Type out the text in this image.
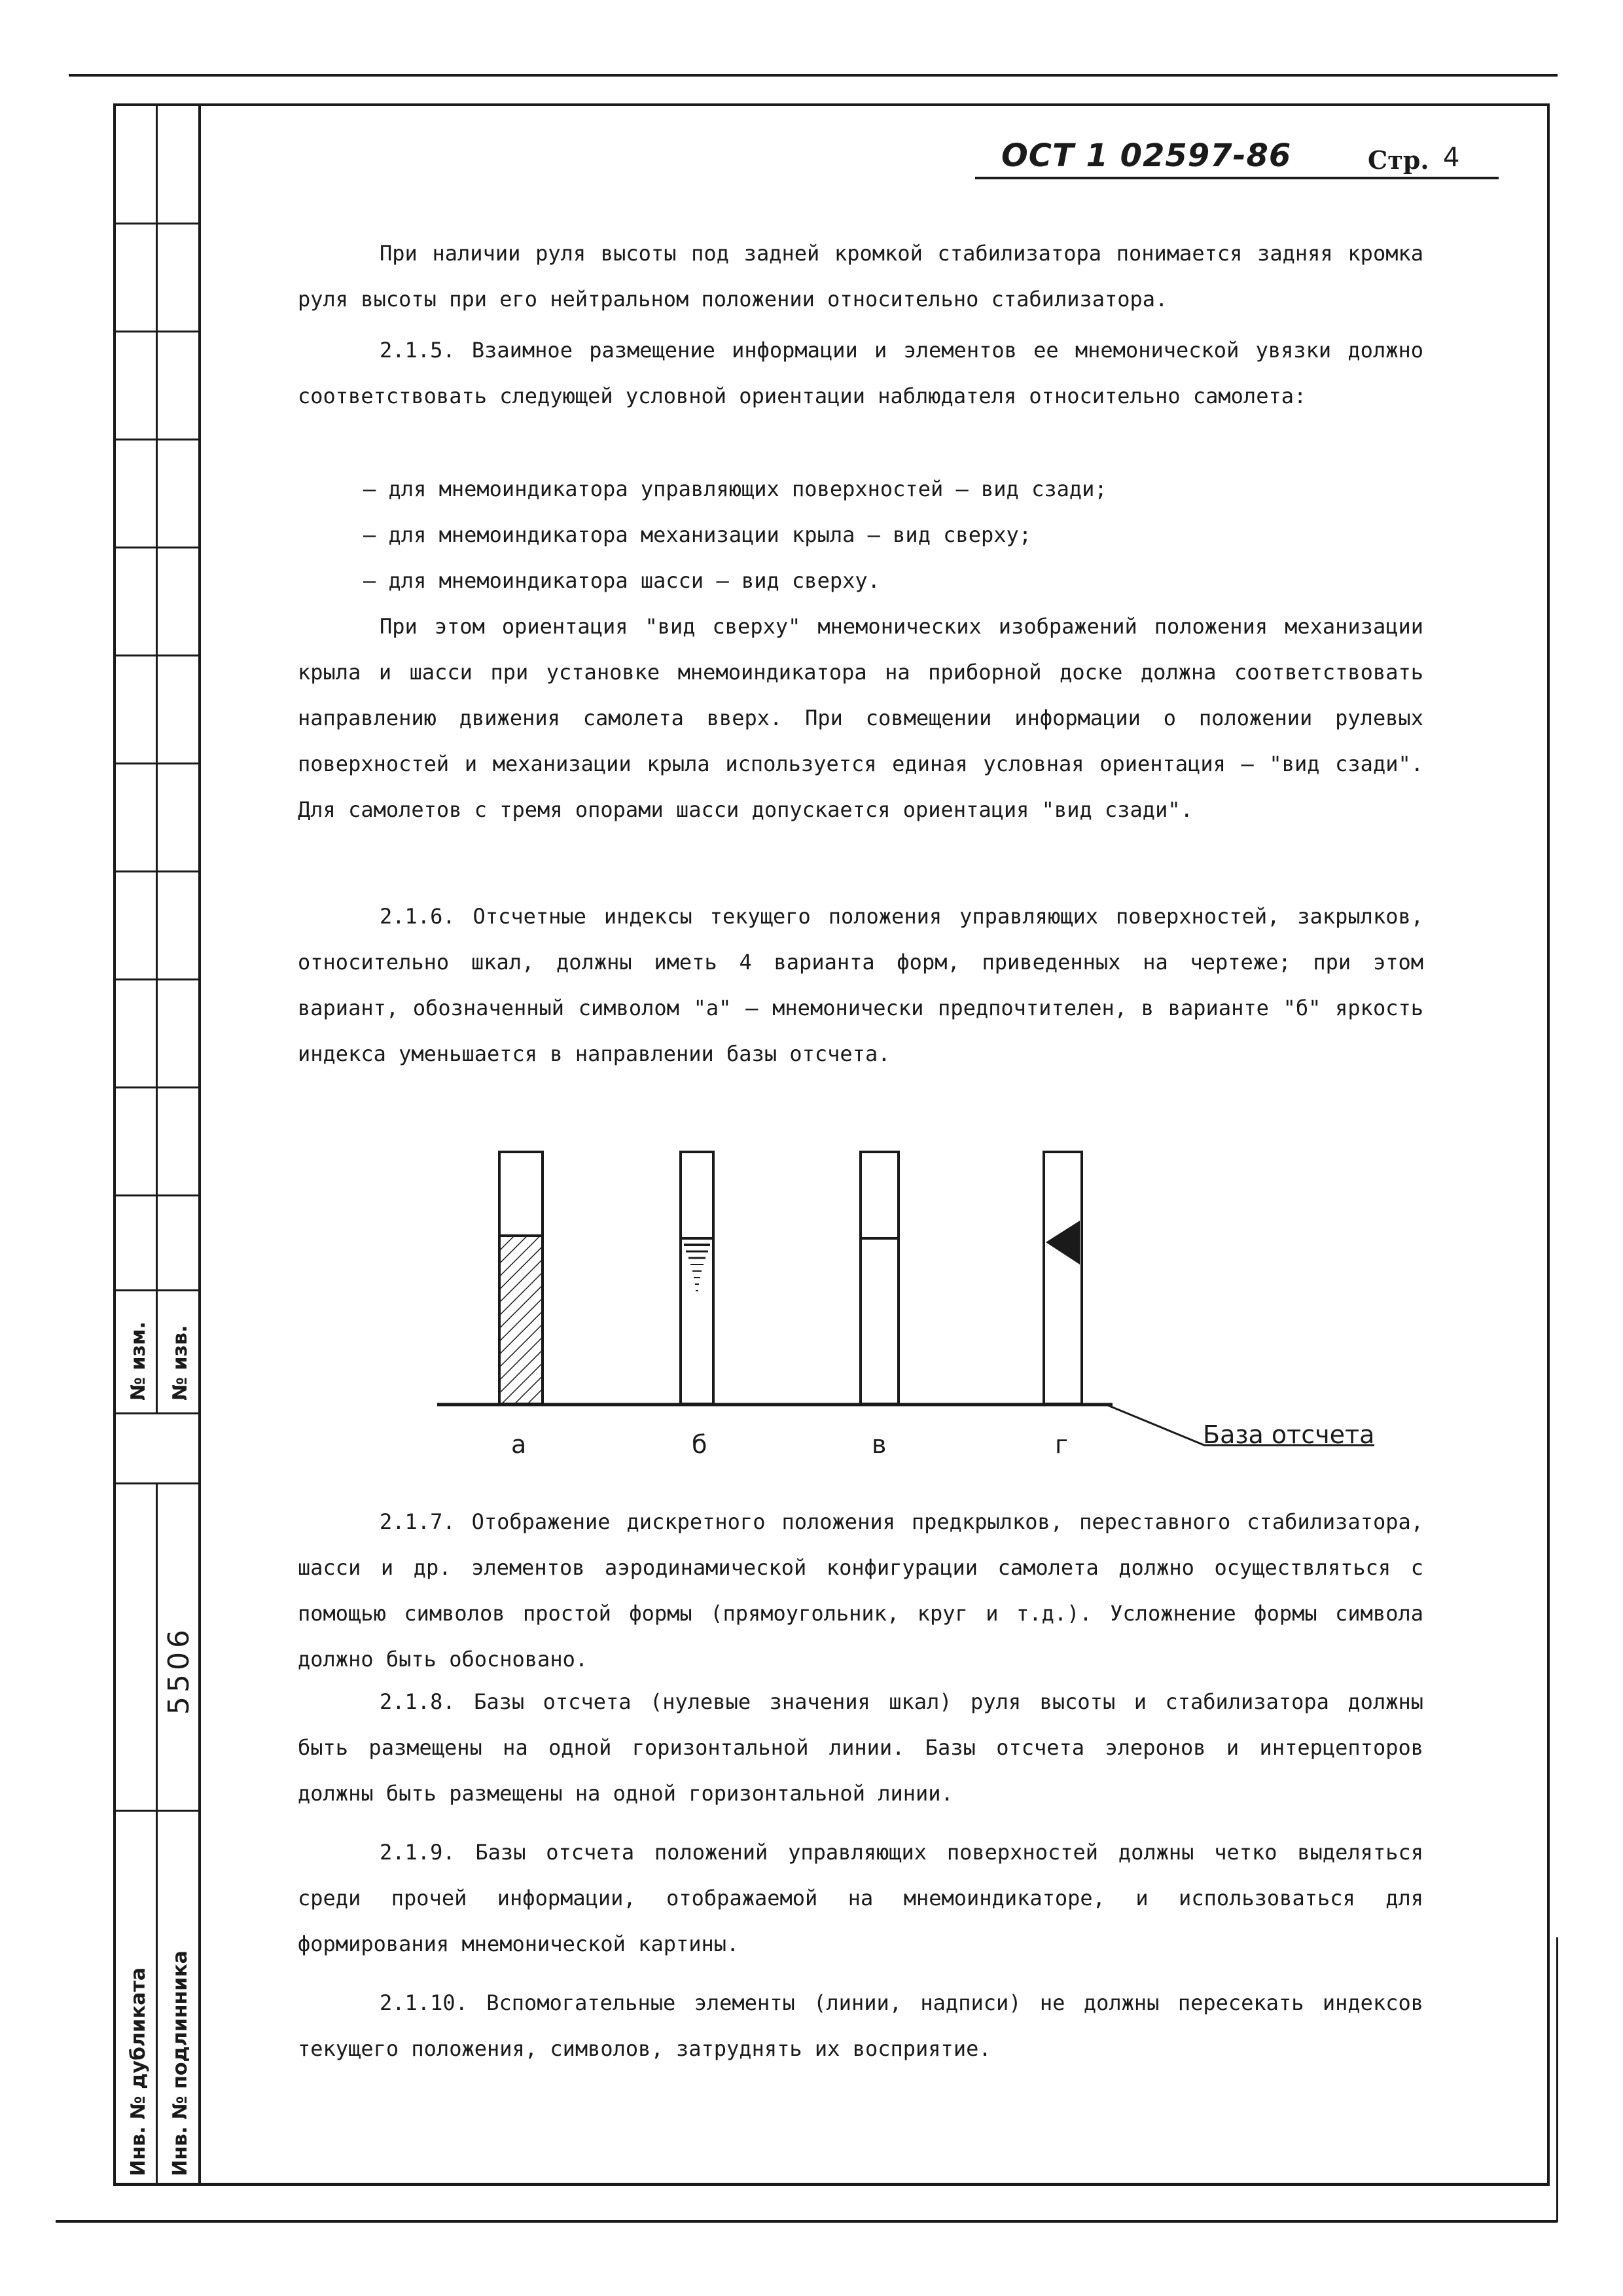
№ изм. № изв.
5506
Инв. № дубликата Инв. № подлинника
ОСТ 1 02597-86	Стр. 4

При наличии руля высоты под задней кромкой стабилизатора понимается задняя кромка руля высоты при его нейтральном положении относительно стабилизатора.

2.1.5. Взаимное размещение информации и элементов ее мнемонической увязки должно соответствовать следующей условной ориентации наблюдателя относительно самолета:

– для мнемоиндикатора управляющих поверхностей – вид сзади;

– для мнемоиндикатора механизации крыла – вид сверху;

– для мнемоиндикатора шасси – вид сверху.

При этом ориентация "вид сверху" мнемонических изображений положения механизации крыла и шасси при установке мнемоиндикатора на приборной доске должна соответствовать направлению движения самолета вверх. При совмещении информации о положении рулевых поверхностей и механизации крыла используется единая условная ориентация – "вид сзади". Для самолетов с тремя опорами шасси допускается ориентация "вид сзади".

2.1.6. Отсчетные индексы текущего положения управляющих поверхностей, закрылков, относительно шкал, должны иметь 4 варианта форм, приведенных на чертеже; при этом вариант, обозначенный символом "а" – мнемонически предпочтителен, в варианте "б" яркость индекса уменьшается в направлении базы отсчета.

а	б	в	г	База отсчета

2.1.7. Отображение дискретного положения предкрылков, переставного стабилизатора, шасси и др. элементов аэродинамической конфигурации самолета должно осуществляться с помощью символов простой формы (прямоугольник, круг и т.д.). Усложнение формы символа должно быть обосновано.

2.1.8. Базы отсчета (нулевые значения шкал) руля высоты и стабилизатора должны быть размещены на одной горизонтальной линии. Базы отсчета элеронов и интерцепторов должны быть размещены на одной горизонтальной линии.

2.1.9. Базы отсчета положений управляющих поверхностей должны четко выделяться среди прочей информации, отображаемой на мнемоиндикаторе, и использоваться для формирования мнемонической картины.

2.1.10. Вспомогательные элементы (линии, надписи) не должны пересекать индексов текущего положения, символов, затруднять их восприятие.
